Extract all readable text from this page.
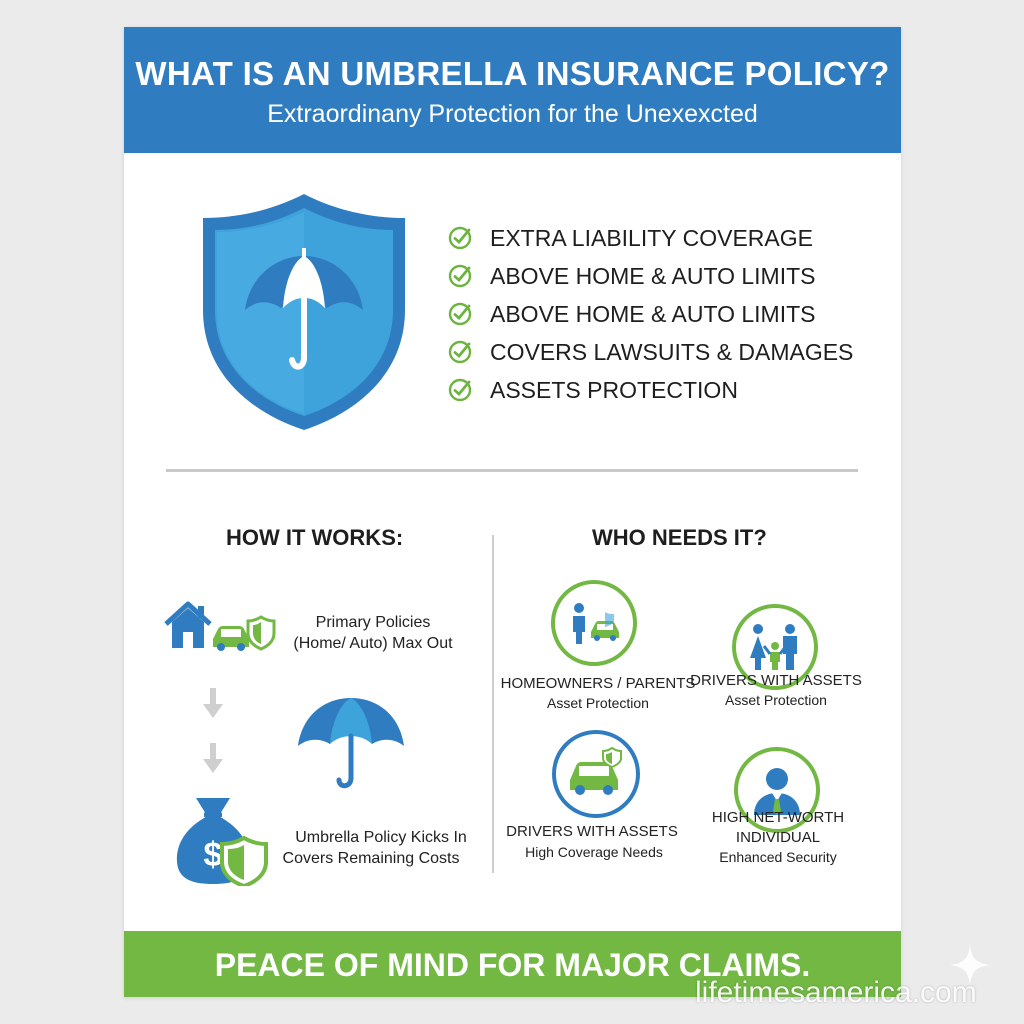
WHAT IS AN UMBRELLA INSURANCE POLICY?

Extraordinany Protection for the Unexexcted

EXTRA LIABILITY COVERAGE
ABOVE HOME & AUTO LIMITS
ABOVE HOME & AUTO LIMITS
COVERS LAWSUITS & DAMAGES
ASSETS PROTECTION
HOW IT WORKS:
Primary Policies
(Home/ Auto) Max Out
$	Umbrella Policy Kicks In
Covers Remaining Costs
WHO NEEDS IT?
HOMEOWNERS / PARENTS
Asset Protection
DRIVERS WITH ASSETS
Asset Protection
DRIVERS WITH ASSETS
High Coverage Needs
HIGH NET-WORTH
INDIVIDUAL
Enhanced Security
PEACE OF MIND FOR MAJOR CLAIMS.
lifetimesamerica.com
